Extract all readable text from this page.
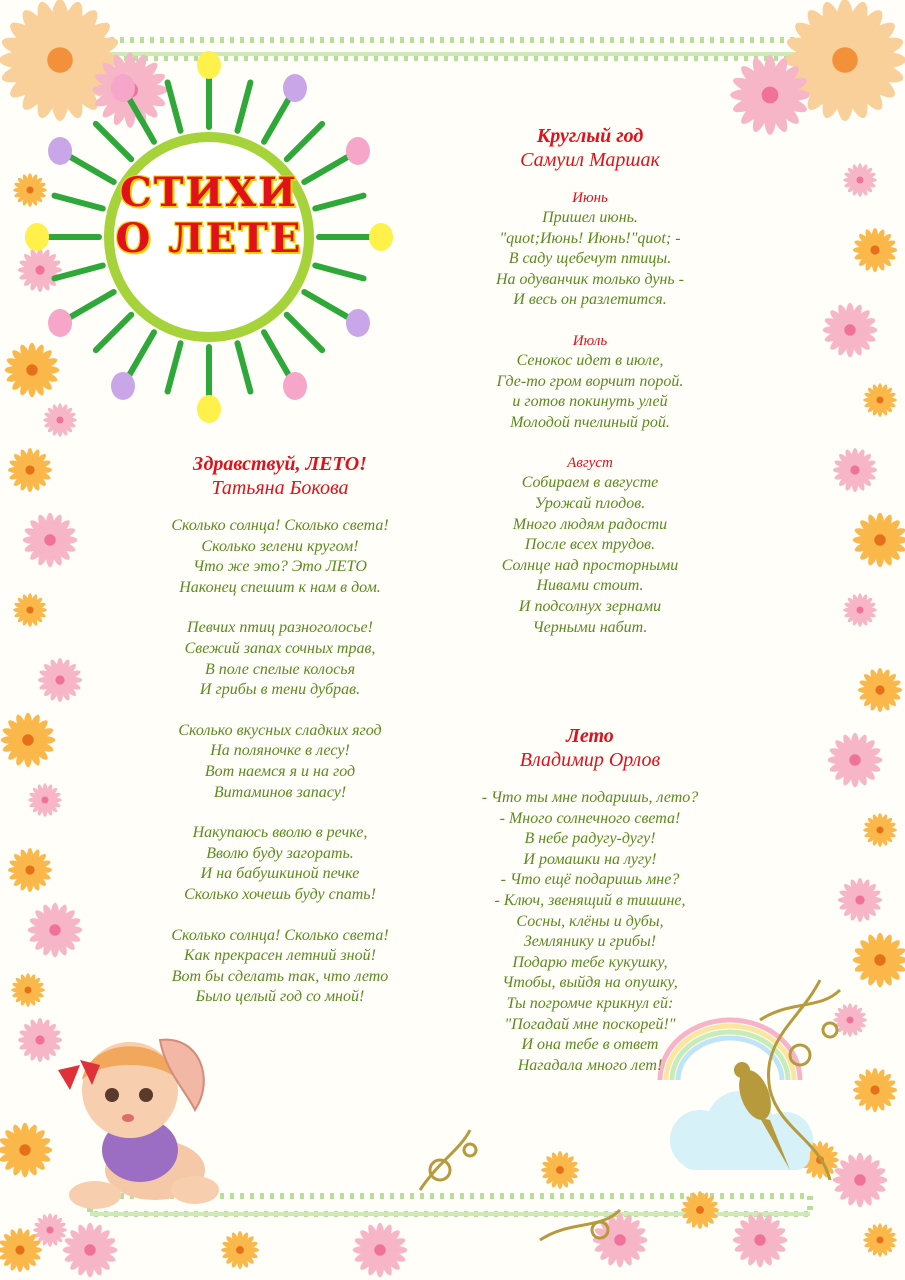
СТИХИ
О ЛЕТЕ
Здравствуй, ЛЕТО!
Татьяна Бокова
Сколько солнца! Сколько света!
Сколько зелени кругом!
Что же это? Это ЛЕТО
Наконец спешит к нам в дом.
Певчих птиц разноголосье!
Свежий запах сочных трав,
В поле спелые колосья
И грибы в тени дубрав.
Сколько вкусных сладких ягод
На поляночке в лесу!
Вот наемся я и на год
Витаминов запасу!
Накупаюсь вволю в речке,
Вволю буду загорать.
И на бабушкиной печке
Сколько хочешь буду спать!
Сколько солнца! Сколько света!
Как прекрасен летний зной!
Вот бы сделать так, что лето
Было целый год со мной!
Круглый год
Самуил Маршак
Июнь
Пришел июнь.
"quot;Июнь! Июнь!"quot; -
В саду щебечут птицы.
На одуванчик только дунь -
И весь он разлетится.
Июль
Сенокос идет в июле,
Где-то гром ворчит порой.
и готов покинуть улей
Молодой пчелиный рой.
Август
Собираем в августе
Урожай плодов.
Много людям радости
После всех трудов.
Солнце над просторными
Нивами стоит.
И подсолнух зернами
Черными набит.
Лето
Владимир Орлов
- Что ты мне подаришь, лето?
- Много солнечного света!
В небе радугу-дугу!
И ромашки на лугу!
- Что ещё подаришь мне?
- Ключ, звенящий в тишине,
Сосны, клёны и дубы,
Землянику и грибы!
Подарю тебе кукушку,
Чтобы, выйдя на опушку,
Ты погромче крикнул ей:
"Погадай мне поскорей!"
И она тебе в ответ
Нагадала много лет!
